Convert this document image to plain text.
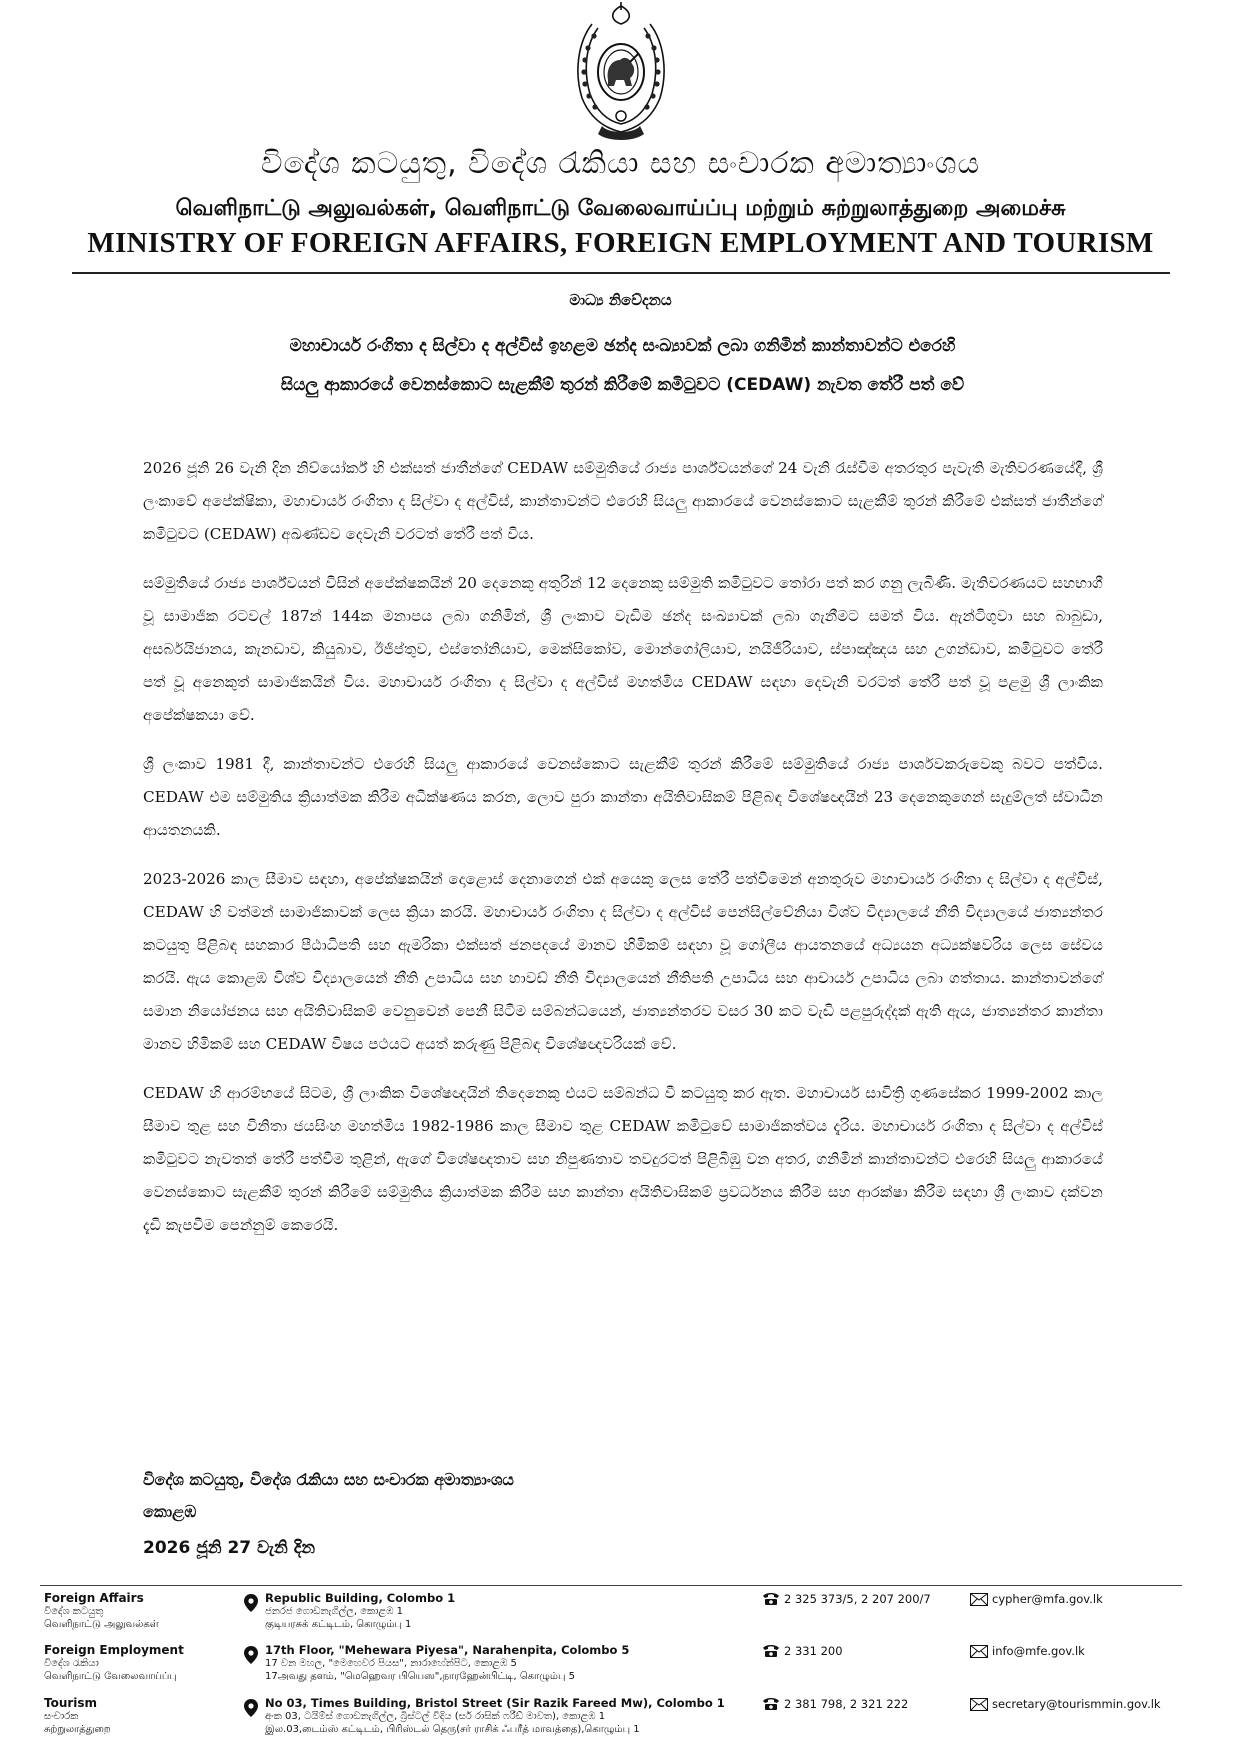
විදේශ කටයුතු, විදේශ රැකියා සහ සංචාරක අමාත්‍යාංශය
வெளிநாட்டு அலுவல்கள், வெளிநாட்டு வேலைவாய்ப்பு மற்றும் சுற்றுலாத்துறை அமைச்சு
MINISTRY OF FOREIGN AFFAIRS, FOREIGN EMPLOYMENT AND TOURISM
මාධ්‍ය නිවේදනය
මහාචාර්ය රංගිතා ද සිල්වා ද අල්විස් ඉහළම ඡන්ද සංඛ්‍යාවක් ලබා ගනිමින් කාන්තාවන්ට එරෙහි
සියලු ආකාරයේ වෙනස්කොට සැළකීම් තුරන් කිරීමේ කමිටුවට (CEDAW) නැවත තේරී පත් වේ

2026 ජූනි 26 වැනි දින නිව්යෝර්ක් හි එක්සත් ජාතීන්ගේ CEDAW සම්මුතියේ රාජ්‍ය පාර්ශ්වයන්ගේ 24 වැනි රැස්වීම අතරතුර පැවැති මැතිවරණයේදී, ශ්‍රී ලංකාවේ අපේක්ෂිකා, මහාචාර්ය රංගිතා ද සිල්වා ද අල්විස්, කාන්තාවන්ට එරෙහි සියලු ආකාරයේ වෙනස්කොට සැළකීම් තුරන් කිරීමේ එක්සත් ජාතීන්ගේ කමිටුවට (CEDAW) අඛණ්ඩව දෙවැනි වරටත් තේරී පත් විය.

සම්මුතියේ රාජ්‍ය පාර්ශ්වයන් විසින් අපේක්ෂකයින් 20 දෙනෙකු අතුරින් 12 දෙනෙකු සම්මුති කමිටුවට තෝරා පත් කර ගනු ලැබිණි. මැතිවරණයට සහභාගී වූ සාමාජික රටවල් 187න් 144ක මනාපය ලබා ගනිමින්, ශ්‍රී ලංකාව වැඩිම ඡන්ද සංඛ්‍යාවක් ලබා ගැනීමට සමත් විය. ඇන්ටිගුවා සහ බාබුඩා, අසර්බයිජානය, කැනඩාව, කියුබාව, ඊජිප්තුව, එස්තෝනියාව, මෙක්සිකෝව, මොන්ගෝලියාව, නයිජීරියාව, ස්පාඤ්ඤය සහ උගන්ඩාව, කමිටුවට තේරී පත් වූ අනෙකුත් සාමාජිකයින් විය. මහාචාර්ය රංගිතා ද සිල්වා ද අල්විස් මහත්මිය CEDAW සඳහා දෙවැනි වරටත් තේරී පත් වූ පළමු ශ්‍රී ලාංකික අපේක්ෂකයා වේ.

ශ්‍රී ලංකාව 1981 දී, කාන්තාවන්ට එරෙහි සියලු ආකාරයේ වෙනස්කොට සැළකීම් තුරන් කිරීමේ සම්මුතියේ රාජ්‍ය පාර්ශවකරුවෙකු බවට පත්විය. CEDAW එම සම්මුතිය ක්‍රියාත්මක කිරීම අධීක්ෂණය කරන, ලොව පුරා කාන්තා අයිතිවාසිකම් පිළිබඳ විශේෂඥයින් 23 දෙනෙකුගෙන් සැදුම්ලත් ස්වාධීන ආයතනයකි.

2023-2026 කාල සීමාව සඳහා, අපේක්ෂකයින් දොළොස් දෙනාගෙන් එක් අයෙකු ලෙස තේරී පත්වීමෙන් අනතුරුව මහාචාර්ය රංගිතා ද සිල්වා ද අල්විස්, CEDAW හි වත්මන් සාමාජිකාවක් ලෙස ක්‍රියා කරයි. මහාචාර්ය රංගිතා ද සිල්වා ද අල්විස් පෙන්සිල්වේනියා විශ්ව විද්‍යාලයේ නීති විද්‍යාලයේ ජාත්‍යන්තර කටයුතු පිළිබඳ සහකාර පීඨාධිපති සහ ඇමරිකා එක්සත් ජනපදයේ මානව හිමිකම් සඳහා වූ ගෝලීය ආයතනයේ අධ්‍යයන අධ්‍යක්ෂවරිය ලෙස සේවය කරයි. ඇය කොළඹ විශ්ව විද්‍යාලයෙන් නීති උපාධිය සහ හාවඩ් නීති විද්‍යාලයෙන් නීතිපති උපාධිය සහ ආචාර්ය උපාධිය ලබා ගත්තාය. කාන්තාවන්ගේ සමාන නියෝජනය සහ අයිතිවාසිකම් වෙනුවෙන් පෙනී සිටීම සම්බන්ධයෙන්, ජාත්‍යන්තරව වසර 30 කට වැඩි පළපුරුද්දක් ඇති ඇය, ජාත්‍යන්තර කාන්තා මානව හිමිකම් සහ CEDAW විෂය පථයට අයත් කරුණු පිළිබඳ විශේෂඥවරියක් වේ.

CEDAW හි ආරම්භයේ සිටම, ශ්‍රී ලාංකික විශේෂඥයින් තිදෙනෙකු එයට සම්බන්ධ වී කටයුතු කර ඇත. මහාචාර්ය සාවිත්‍රි ගුණසේකර 1999-2002 කාල සීමාව තුළ සහ විනිතා ජයසිංහ මහත්මිය 1982-1986 කාල සීමාව තුළ CEDAW කමිටුවේ සාමාජිකත්වය දැරිය. මහාචාර්ය රංගිතා ද සිල්වා ද අල්විස් කමිටුවට නැවතත් තේරී පත්වීම තුළින්, ඇගේ විශේෂඥතාව සහ නිපුණතාව තවදුරටත් පිළිබිඹු වන අතර, ගනිමින් කාන්තාවන්ට එරෙහි සියලු ආකාරයේ වෙනස්කොට සැළකීම් තුරන් කිරීමේ සම්මුතිය ක්‍රියාත්මක කිරීම සහ කාන්තා අයිතිවාසිකම් ප්‍රවර්ධනය කිරීම සහ ආරක්ෂා කිරීම සඳහා ශ්‍රී ලංකාව දක්වන දැඩි කැපවීම පෙන්නුම් කෙරෙයි.

විදේශ කටයුතු, විදේශ රැකියා සහ සංචාරක අමාත්‍යාංශය
කොළඹ
2026 ජූනි 27 වැනි දින
Foreign Affairs
විදේශ කටයුතු
வெளிநாட்டு அலுவல்கள்
Republic Building, Colombo 1
ජනරජ ගොඩනැගිල්ල, කොළඹ 1
குடியரசுக் கட்டிடம், கொழும்பு 1
2 325 373/5, 2 207 200/7	cypher@mfa.gov.lk
Foreign Employment
විදේශ රැකියා
வெளிநாட்டு வேலைவாய்ப்பு
17th Floor, "Mehewara Piyesa", Narahenpita, Colombo 5
17 වන මහල, "මෙහෙවර පියස", නාරාහේන්පිට, කොළඹ 5
17அவது தளம், "மெஹெவர பியெஸ",நாரஹேன்பிட்டி, கொழும்பு 5
2 331 200	info@mfe.gov.lk
Tourism
සංචාරක
சுற்றுலாத்துறை
No 03, Times Building, Bristol Street (Sir Razik Fareed Mw), Colombo 1
අංක 03, ටයිම්ස් ගොඩනැගිල්ල, බ්‍රිස්ටල් වීදිය (සර් රාසික් ෆරීඩ් මාවත), කොළඹ 1
இல.03,டைம்ஸ் கட்டிடம், பிரிஸ்டல் தெரு(சர் ராசிக் ஃபரீத் மாவத்தை),கொழும்பு 1
2 381 798, 2 321 222	secretary@tourismmin.gov.lk
